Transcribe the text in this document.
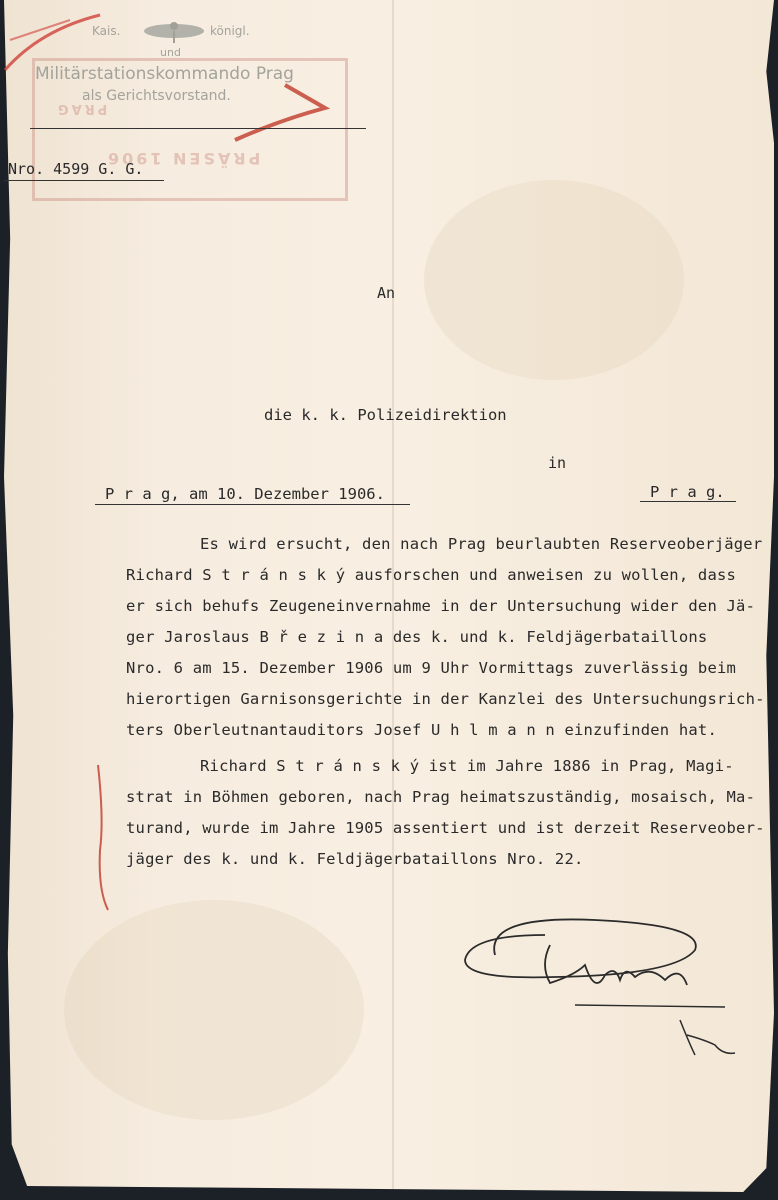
Kais.	königl.
und
Militärstationskommando Prag
als Gerichtsvorstand.
PRAG
PRÄSEN 1906
Nro. 4599 G. G.
An
die k. k. Polizeidirektion
in
P r a g, am 10. Dezember 1906.	P r a g.
Es wird ersucht, den nach Prag beurlaubten Reserveoberjäger
Richard S t r á n s k ý ausforschen und anweisen zu wollen, dass
er sich behufs Zeugeneinvernahme in der Untersuchung wider den Jä-
ger Jaroslaus B ř e z i n a des k. und k. Feldjägerbataillons
Nro. 6 am 15. Dezember 1906 um 9 Uhr Vormittags zuverlässig beim
hierortigen Garnisonsgerichte in der Kanzlei des Untersuchungsrich-
ters Oberleutnantauditors Josef U h l m a n n einzufinden hat.
Richard S t r á n s k ý ist im Jahre 1886 in Prag, Magi-
strat in Böhmen geboren, nach Prag heimatszuständig, mosaisch, Ma-
turand, wurde im Jahre 1905 assentiert und ist derzeit Reserveober-
jäger des k. und k. Feldjägerbataillons Nro. 22.
